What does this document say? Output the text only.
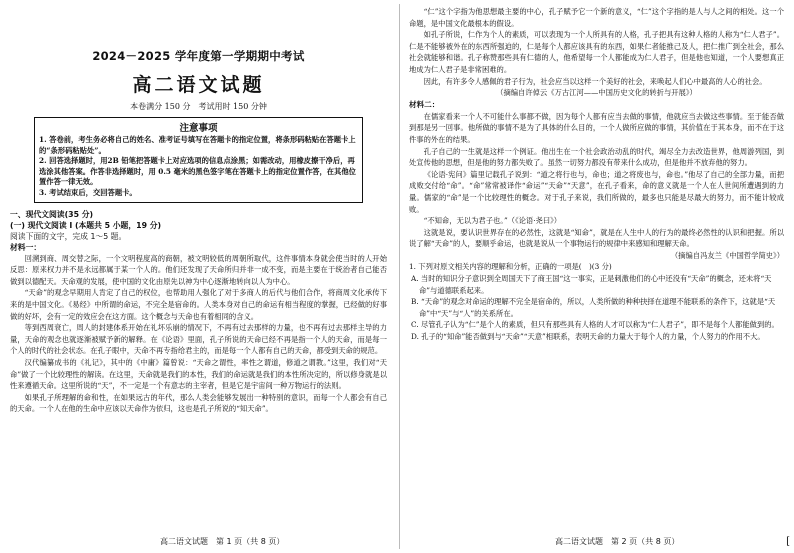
2024－2025 学年度第一学期期中考试
高二语文试题
本卷满分 150 分　考试用时 150 分钟
注意事项
1. 答卷前，考生务必将自己的姓名、准考证号填写在答题卡的指定位置，将条形码粘贴在答题卡上的“条形码粘贴处”。
2. 回答选择题时，用2B 铅笔把答题卡上对应选项的信息点涂黑；如需改动，用橡皮擦干净后，再选涂其他答案。作答非选择题时，用 0.5 毫米的黑色签字笔在答题卡上的指定位置作答，在其他位置作答一律无效。
3. 考试结束后，交回答题卡。
一、现代文阅读(35 分)
(一) 现代文阅读 I (本题共 5 小题，19 分)
阅读下面的文字，完成 1～5 题。
材料一：

回溯到商、周交替之际，一个文明程度高的商朝，被文明较低的周朝所取代，这件事情本身就会使当时的人开始反思：原来权力并不是永远都属于某一个人的。他们还发现了天命所归并非一成不变，而是主要在于统治者自己能否做到以德配天。天命观的发展，使中国的文化由原先以神为中心逐渐地转向以人为中心。

“天命”的观念早期用人肯定了自己的权位，也帮助用人强化了对于多商人的后代与他们合作，将商周文化承传下来的是中国文化。《易经》中所谓的命运，不完全是宿命的。人类本身对自己的命运有相当程度的掌握，已经做的好事做的好坏，会有一定的效应会在这方面。这个概念与天命也有着相同的含义。

等到西周衰亡，周人的封建体系开始在礼坏乐崩的情况下，不再有过去那样的力量，也不再有过去那样主导的力量，天命的观念也就逐渐被赋予新的解释。在《论语》里面，孔子所说的天命已经不再是指一个人的天命，而是每一个人的时代的社会状态。在孔子眼中，天命不再专指给君主的，而是每一个人都有自己的天命，都受到天命的规范。

汉代编纂成书的《礼记》，其中的《中庸》篇曾说：“天命之谓性，率性之谓道，修道之谓教。”这里，我们对“天命”做了一个比较理性的解读。在这里，天命就是我们的本性，我们的命运就是我们的本性所决定的，所以修身就是以性来遵循天命。这里所说的“天”，不一定是一个有意志的主宰者，但是它是宇宙间一种万物运行的法则。

如果孔子所理解的命和性，在如果远古的年代，那么人类会能够发展出一种特别的意识，而每一个人都会有自己的天命。一个人在他的生命中应该以天命作为依归，这也是孔子所说的“知天命”。

高二语文试题　第 1 页（共 8 页）

“仁”这个字指为他思想最主要的中心，孔子赋予它一个新的意义，“仁”这个字指的是人与人之间的相处。这一个命题，是中国文化最根本的假设。

如孔子所说，仁作为个人的素质，可以表现为一个人所具有的人格，孔子把具有这种人格的人称为“仁人君子”。仁是不能够被外在的东西所强迫的，仁是每个人都应该具有的东西，如果仁者能推己及人，把仁推广到全社会，那么社会就能够和谐。孔子称赞那些具有仁德的人，他希望每一个人都能成为仁人君子，但是他也知道，一个人要想真正地成为仁人君子是非常困难的。

因此，有许多令人感佩的君子行为，社会应当以这样一个美好的社会，来唤起人们心中最高的人心的社会。

（摘编自许倬云《万古江河——中国历史文化的转折与开展》）

材料二：

在儒家看来一个人不可能什么事都不做，因为每个人都有应当去做的事情，他就应当去做这些事情。至于能否做到那是另一回事。他所做的事情不是为了具体的什么目的，一个人做所应做的事情，其价值在于其本身，而不在于这件事的外在的结果。

孔子自己的一生就是这样一个例证。他出生在一个社会政治动乱的时代，竭尽全力去改造世界，他周游列国，到处宣传他的思想，但是他的努力都失败了。虽然一切努力都没有带来什么成功，但是他并不放弃他的努力。

《论语·宪问》篇里记载孔子说到：“道之将行也与，命也；道之将废也与，命也。”他尽了自己的全部力量，而把成败交付给“命”。“命”常常被译作“命运”“天命”“天意”，在孔子看来，命的意义就是一个人在人世间所遭遇到的力量。儒家的“命”是一个比较理性的概念。对于孔子来说，我们所做的，最多也只能是尽最大的努力，而不能计较成败。

“不知命，无以为君子也。”（《论语·尧曰》）

这就是说，要认识世界存在的必然性，这就是“知命”，就是在人生中人的行为的最终必然性的认识和把握。所以说了解“天命”的人，要顺乎命运，也就是说从一个事物运行的规律中来感知和理解天命。

（摘编自冯友兰《中国哲学简史》）

1. 下列对原文相关内容的理解和分析，正确的一项是(　)(3 分)

A. 当时的知识分子意识到全周国天下了商王国“这一事实，正是刺激他们的心中还没有“天命”的概念，还未将“天命”与道德联系起来。

B. “天命”的观念对命运的理解不完全是宿命的，所以，人类所做的种种抉择在道理不能联系的条件下，这就是“天命”中“天”与“人”的关系所在。

C. 尽管孔子认为“仁”是个人的素质，但只有那些具有人格的人才可以称为“仁人君子”，即不是每个人都能做到的。

D. 孔子的“知命”能否做到与“天命”“天意”相联系，表明天命的力量大于每个人的力量，个人努力的作用不大。

高二语文试题　第 2 页（共 8 页）	[
